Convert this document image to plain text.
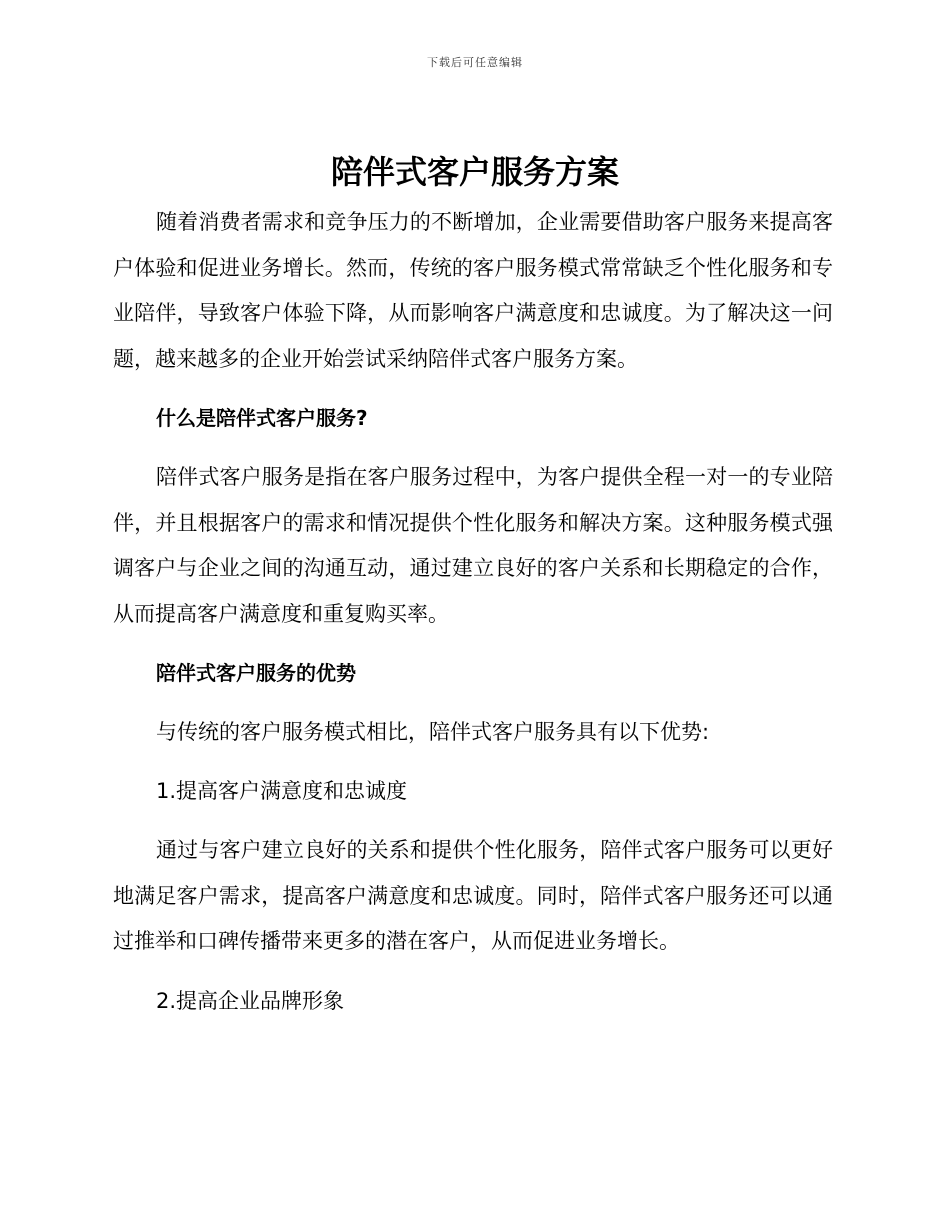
下载后可任意编辑
陪伴式客户服务方案

随着消费者需求和竞争压力的不断增加，企业需要借助客户服务来提高客户体验和促进业务增长。然而，传统的客户服务模式常常缺乏个性化服务和专业陪伴，导致客户体验下降，从而影响客户满意度和忠诚度。为了解决这一问题，越来越多的企业开始尝试采纳陪伴式客户服务方案。

什么是陪伴式客户服务?

陪伴式客户服务是指在客户服务过程中，为客户提供全程一对一的专业陪伴，并且根据客户的需求和情况提供个性化服务和解决方案。这种服务模式强调客户与企业之间的沟通互动，通过建立良好的客户关系和长期稳定的合作，从而提高客户满意度和重复购买率。

陪伴式客户服务的优势

与传统的客户服务模式相比，陪伴式客户服务具有以下优势:

1.提高客户满意度和忠诚度

通过与客户建立良好的关系和提供个性化服务，陪伴式客户服务可以更好地满足客户需求，提高客户满意度和忠诚度。同时，陪伴式客户服务还可以通过推举和口碑传播带来更多的潜在客户，从而促进业务增长。

2.提高企业品牌形象
